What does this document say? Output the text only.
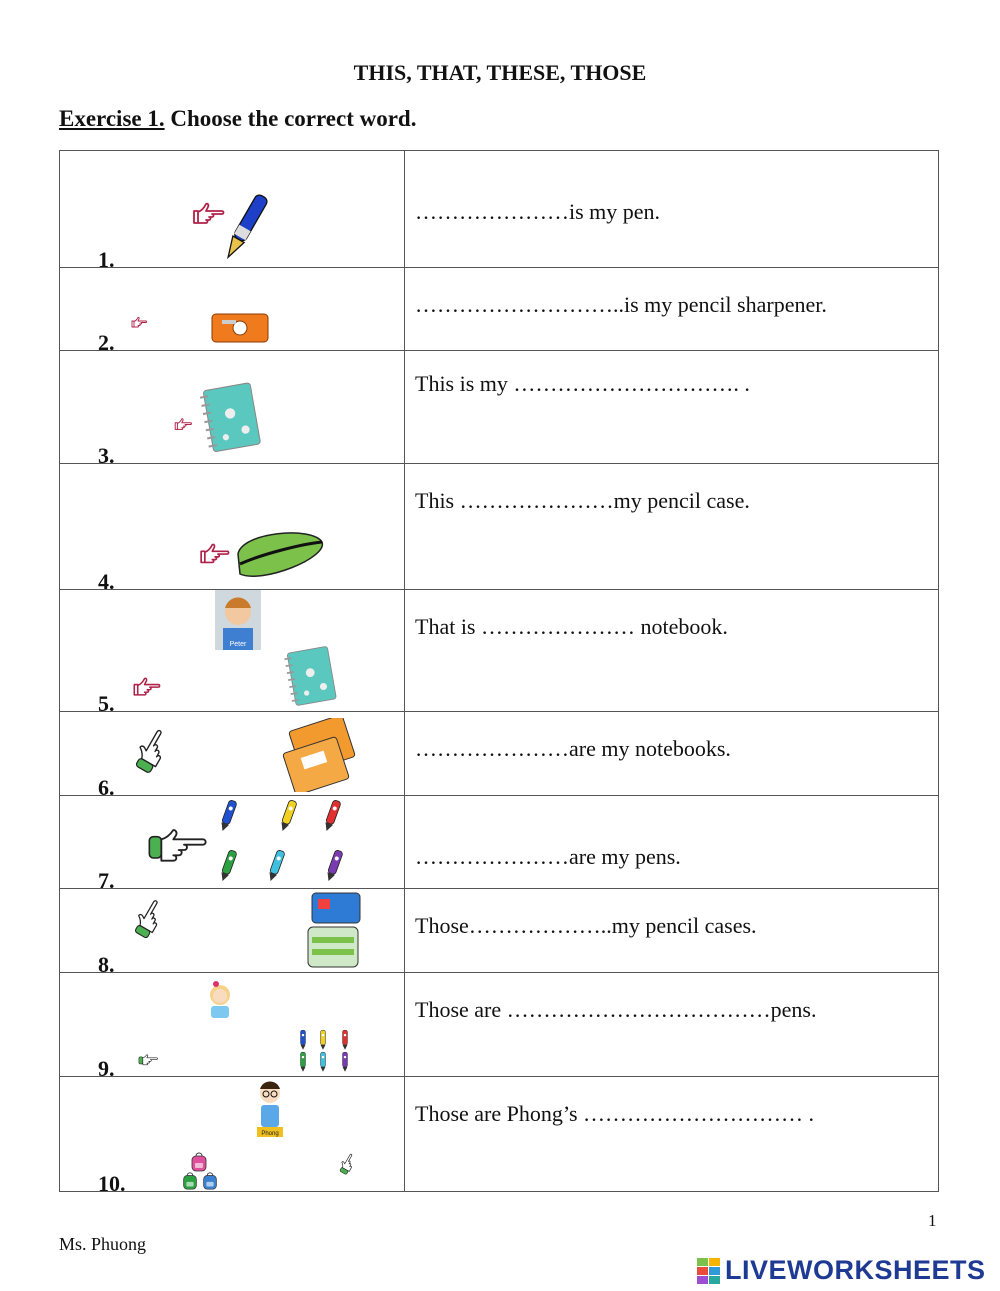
THIS, THAT, THESE, THOSE
Exercise 1. Choose the correct word.
1.	…………………is my pen.

2.	………………………..is my pencil sharpener.

3.	This is my …………………………. .

4.	This …………………my pencil case.

Peter
5.	That is ………………… notebook.

6.	…………………are my notebooks.

7.	…………………are my pens.

8.	Those………………..my pencil cases.

9.	Those are ………………………………pens.

Phong
10.	Those are Phong’s ………………………… .
1
Ms. Phuong
LIVEWORKSHEETS
